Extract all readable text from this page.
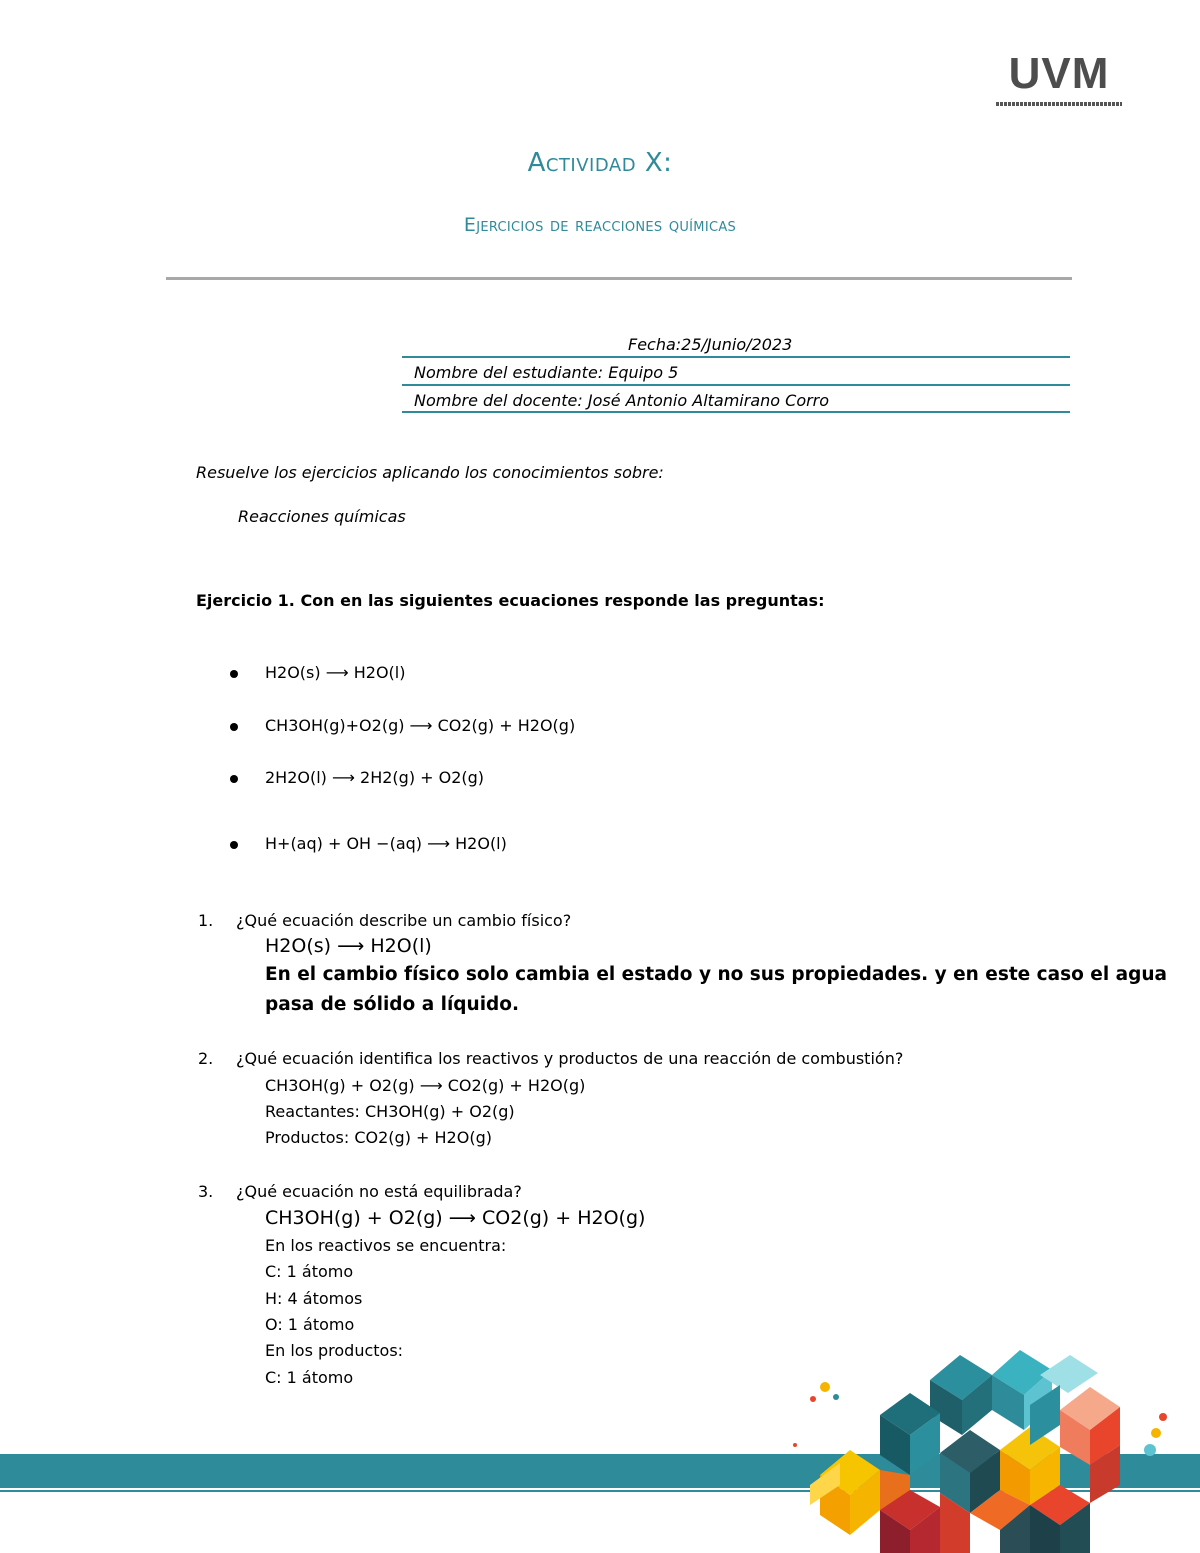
UVM
Actividad X:
Ejercicios de reacciones químicas
Fecha:25/Junio/2023
Nombre del estudiante: Equipo 5
Nombre del docente: José Antonio Altamirano Corro
Resuelve los ejercicios aplicando los conocimientos sobre:
Reacciones químicas
Ejercicio 1. Con en las siguientes ecuaciones responde las preguntas:
H2O(s) ⟶ H2O(l)
CH3OH(g)+O2(g) ⟶ CO2(g) + H2O(g)
2H2O(l) ⟶ 2H2(g) + O2(g)
H+(aq) + OH −(aq) ⟶ H2O(l)
1. ¿Qué ecuación describe un cambio físico?
H2O(s) ⟶ H2O(l)
En el cambio físico solo cambia el estado y no sus propiedades. y en este caso el agua
pasa de sólido a líquido.
2. ¿Qué ecuación identifica los reactivos y productos de una reacción de combustión?
CH3OH(g) + O2(g) ⟶ CO2(g) + H2O(g)
Reactantes: CH3OH(g) + O2(g)
Productos: CO2(g) + H2O(g)
3. ¿Qué ecuación no está equilibrada?
CH3OH(g) + O2(g) ⟶ CO2(g) + H2O(g)
En los reactivos se encuentra:
C: 1 átomo
H: 4 átomos
O: 1 átomo
En los productos:
C: 1 átomo
